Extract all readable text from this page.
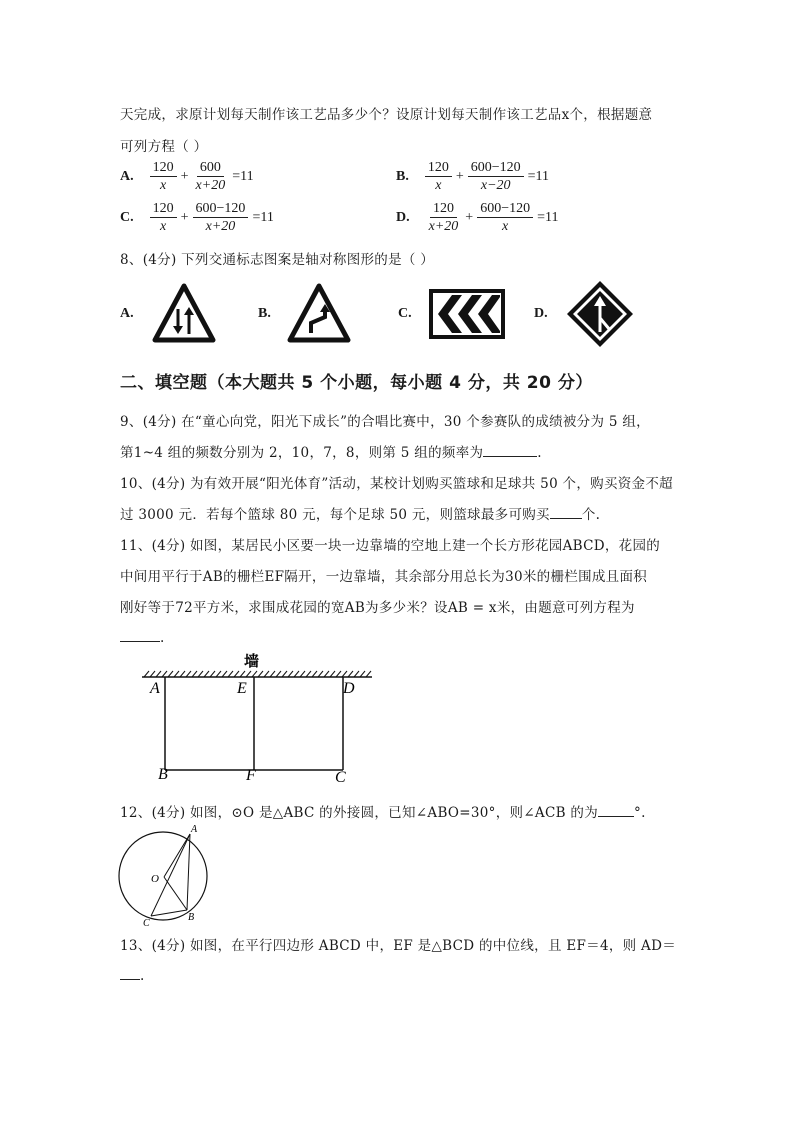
天完成，求原计划每天制作该工艺品多少个？设原计划每天制作该工艺品x个，根据题意
可列方程（ ）
A. $\frac{120}{x} + \frac{600}{x+20} =11$	B. $\frac{120}{x} + \frac{600-120}{x-20} =11$
C. $\frac{120}{x} + \frac{600-120}{x+20} =11$	D. $\frac{120}{x+20} + \frac{600-120}{x} =11$
8、(4分) 下列交通标志图案是轴对称图形的是（ ）
A.	B.	C.	D.
二、填空题（本大题共 5 个小题，每小题 4 分，共 20 分）
9、(4分) 在“童心向党，阳光下成长”的合唱比赛中，30 个参赛队的成绩被分为 5 组，
第1~4 组的频数分别为 2，10，7，8，则第 5 组的频率为	.
10、(4分) 为有效开展“阳光体育”活动，某校计划购买篮球和足球共 50 个，购买资金不超
过 3000 元．若每个篮球 80 元，每个足球 50 元，则篮球最多可购买 个.
11、(4分) 如图，某居民小区要一块一边靠墙的空地上建一个长方形花园ABCD，花园的
中间用平行于AB的栅栏EF隔开，一边靠墙，其余部分用总长为30米的栅栏围成且面积
刚好等于72平方米，求围成花园的宽AB为多少米？设AB = x米，由题意可列方程为
.
墙
A	E	D
B	F	C
12、(4分) 如图，⊙O 是△ABC 的外接圆，已知∠ABO=30°，则∠ACB 的为	°.
A
O
B
C
13、(4分) 如图，在平行四边形 ABCD 中，EF 是△BCD 的中位线，且 EF＝4，则 AD＝
.
